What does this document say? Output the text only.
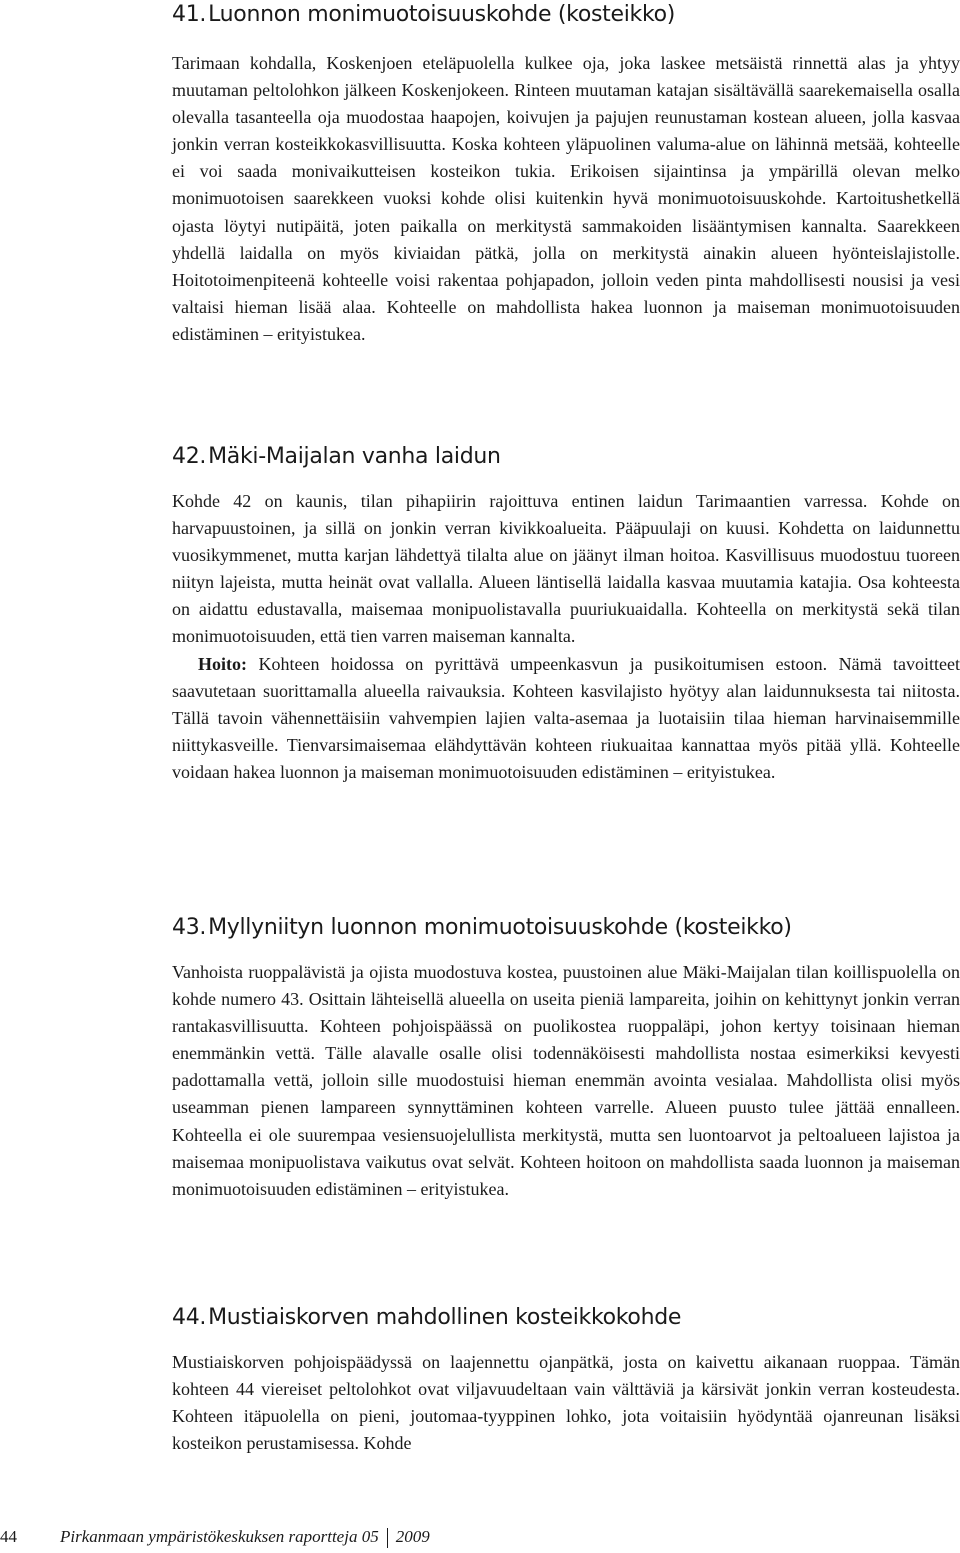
41.Luonnon monimuotoisuuskohde (kosteikko)

Tarimaan kohdalla, Koskenjoen eteläpuolella kulkee oja, joka laskee metsäistä rinnettä alas ja yhtyy muutaman peltolohkon jälkeen Koskenjokeen. Rinteen muutaman katajan sisältävällä saarekemaisella osalla olevalla tasanteella oja muodostaa haapojen, koivujen ja pajujen reunustaman kostean alueen, jolla kasvaa jonkin verran kosteikkokasvillisuutta. Koska kohteen yläpuolinen valuma-alue on lähinnä metsää, kohteelle ei voi saada monivaikutteisen kosteikon tukia. Erikoisen sijaintinsa ja ympärillä olevan melko monimuotoisen saarekkeen vuoksi kohde olisi kuitenkin hyvä monimuotoisuuskohde. Kartoitushetkellä ojasta löytyi nutipäitä, joten paikalla on merkitystä sammakoiden lisääntymisen kannalta. Saarekkeen yhdellä laidalla on myös kiviaidan pätkä, jolla on merkitystä ainakin alueen hyönteislajistolle. Hoitotoimenpiteenä kohteelle voisi rakentaa pohjapadon, jolloin veden pinta mahdollisesti nousisi ja vesi valtaisi hieman lisää alaa. Kohteelle on mahdollista hakea luonnon ja maiseman monimuotoisuuden edistäminen – erityistukea.

42.Mäki-Maijalan vanha laidun

Kohde 42 on kaunis, tilan pihapiirin rajoittuva entinen laidun Tarimaantien varressa. Kohde on harvapuustoinen, ja sillä on jonkin verran kivikkoalueita. Pääpuulaji on kuusi. Kohdetta on laidunnettu vuosikymmenet, mutta karjan lähdettyä tilalta alue on jäänyt ilman hoitoa. Kasvillisuus muodostuu tuoreen niityn lajeista, mutta heinät ovat vallalla. Alueen läntisellä laidalla kasvaa muutamia katajia. Osa kohteesta on aidattu edustavalla, maisemaa monipuolistavalla puuriukuaidalla. Kohteella on merkitystä sekä tilan monimuotoisuuden, että tien varren maiseman kannalta.

Hoito: Kohteen hoidossa on pyrittävä umpeenkasvun ja pusikoitumisen estoon. Nämä tavoitteet saavutetaan suorittamalla alueella raivauksia. Kohteen kasvilajisto hyötyy alan laidunnuksesta tai niitosta. Tällä tavoin vähennettäisiin vahvempien lajien valta-asemaa ja luotaisiin tilaa hieman harvinaisemmille niittykasveille. Tienvarsimaisemaa elähdyttävän kohteen riukuaitaa kannattaa myös pitää yllä. Kohteelle voidaan hakea luonnon ja maiseman monimuotoisuuden edistäminen – erityistukea.

43.Myllyniityn luonnon monimuotoisuuskohde (kosteikko)

Vanhoista ruoppalävistä ja ojista muodostuva kostea, puustoinen alue Mäki-Maijalan tilan koillispuolella on kohde numero 43. Osittain lähteisellä alueella on useita pieniä lampareita, joihin on kehittynyt jonkin verran rantakasvillisuutta. Kohteen pohjoispäässä on puolikostea ruoppaläpi, johon kertyy toisinaan hieman enemmänkin vettä. Tälle alavalle osalle olisi todennäköisesti mahdollista nostaa esimerkiksi kevyesti padottamalla vettä, jolloin sille muodostuisi hieman enemmän avointa vesialaa. Mahdollista olisi myös useamman pienen lampareen synnyttäminen kohteen varrelle. Alueen puusto tulee jättää ennalleen. Kohteella ei ole suurempaa vesiensuojelullista merkitystä, mutta sen luontoarvot ja peltoalueen lajistoa ja maisemaa monipuolistava vaikutus ovat selvät. Kohteen hoitoon on mahdollista saada luonnon ja maiseman monimuotoisuuden edistäminen – erityistukea.

44.Mustiaiskorven mahdollinen kosteikkokohde

Mustiaiskorven pohjoispäädyssä on laajennettu ojanpätkä, josta on kaivettu aikanaan ruoppaa. Tämän kohteen 44 viereiset peltolohkot ovat viljavuudeltaan vain välttäviä ja kärsivät jonkin verran kosteudesta. Kohteen itäpuolella on pieni, joutomaa-tyyppinen lohko, jota voitaisiin hyödyntää ojanreunan lisäksi kosteikon perustamisessa. Kohde

44	Pirkanmaan ympäristökeskuksen raportteja 05 2009
